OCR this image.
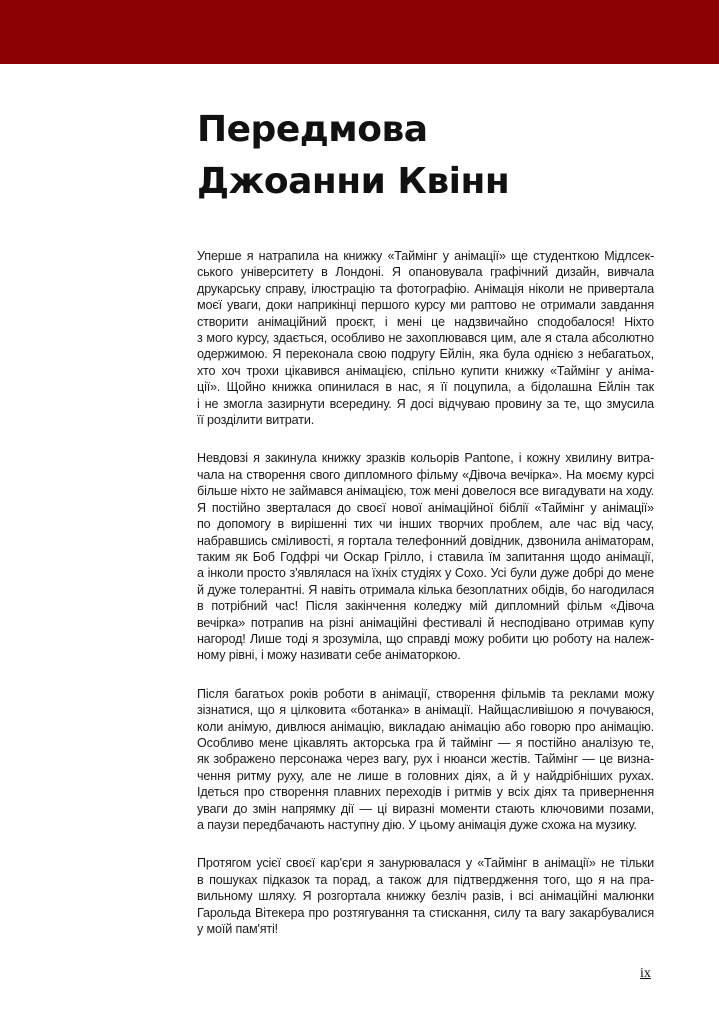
Передмова
Джоанни Квінн

Уперше я натрапила на книжку «Таймінг у анімації» ще студенткою Мідлсек-
ського університету в Лондоні. Я опановувала графічний дизайн, вивчала
друкарську справу, ілюстрацію та фотографію. Анімація ніколи не привертала
моєї уваги, доки наприкінці першого курсу ми раптово не отримали завдання
створити анімаційний проєкт, і мені це надзвичайно сподобалося! Ніхто
з мого курсу, здається, особливо не захоплювався цим, але я стала абсолютно
одержимою. Я переконала свою подругу Ейлін, яка була однією з небагатьох,
хто хоч трохи цікавився анімацією, спільно купити книжку «Таймінг у аніма-
ції». Щойно книжка опинилася в нас, я її поцупила, а бідолашна Ейлін так
і не змогла зазирнути всередину. Я досі відчуваю провину за те, що змусила
її розділити витрати.

Невдовзі я закинула книжку зразків кольорів Pantone, і кожну хвилину витра-
чала на створення свого дипломного фільму «Дівоча вечірка». На моєму курсі
більше ніхто не займався анімацією, тож мені довелося все вигадувати на ходу.
Я постійно зверталася до своєї нової анімаційної біблії «Таймінг у анімації»
по допомогу в вирішенні тих чи інших творчих проблем, але час від часу,
набравшись сміливості, я гортала телефонний довідник, дзвонила аніматорам,
таким як Боб Годфрі чи Оскар Грілло, і ставила їм запитання щодо анімації,
а інколи просто з'являлася на їхніх студіях у Сохо. Усі були дуже добрі до мене
й дуже толерантні. Я навіть отримала кілька безоплатних обідів, бо нагодилася
в потрібний час! Після закінчення коледжу мій дипломний фільм «Дівоча
вечірка» потрапив на різні анімаційні фестивалі й несподівано отримав купу
нагород! Лише тоді я зрозуміла, що справді можу робити цю роботу на належ-
ному рівні, і можу називати себе аніматоркою.

Після багатьох років роботи в анімації, створення фільмів та реклами можу
зізнатися, що я цілковита «ботанка» в анімації. Найщасливішою я почуваюся,
коли анімую, дивлюся анімацію, викладаю анімацію або говорю про анімацію.
Особливо мене цікавлять акторська гра й таймінг — я постійно аналізую те,
як зображено персонажа через вагу, рух і нюанси жестів. Таймінг — це визна-
чення ритму руху, але не лише в головних діях, а й у найдрібніших рухах.
Ідеться про створення плавних переходів і ритмів у всіх діях та привернення
уваги до змін напрямку дії — ці виразні моменти стають ключовими позами,
а паузи передбачають наступну дію. У цьому анімація дуже схожа на музику.

Протягом усієї своєї кар'єри я занурювалася у «Таймінг в анімації» не тільки
в пошуках підказок та порад, а також для підтвердження того, що я на пра-
вильному шляху. Я розгортала книжку безліч разів, і всі анімаційні малюнки
Гарольда Вітекера про розтягування та стискання, силу та вагу закарбувалися
у моїй пам'яті!

ix
